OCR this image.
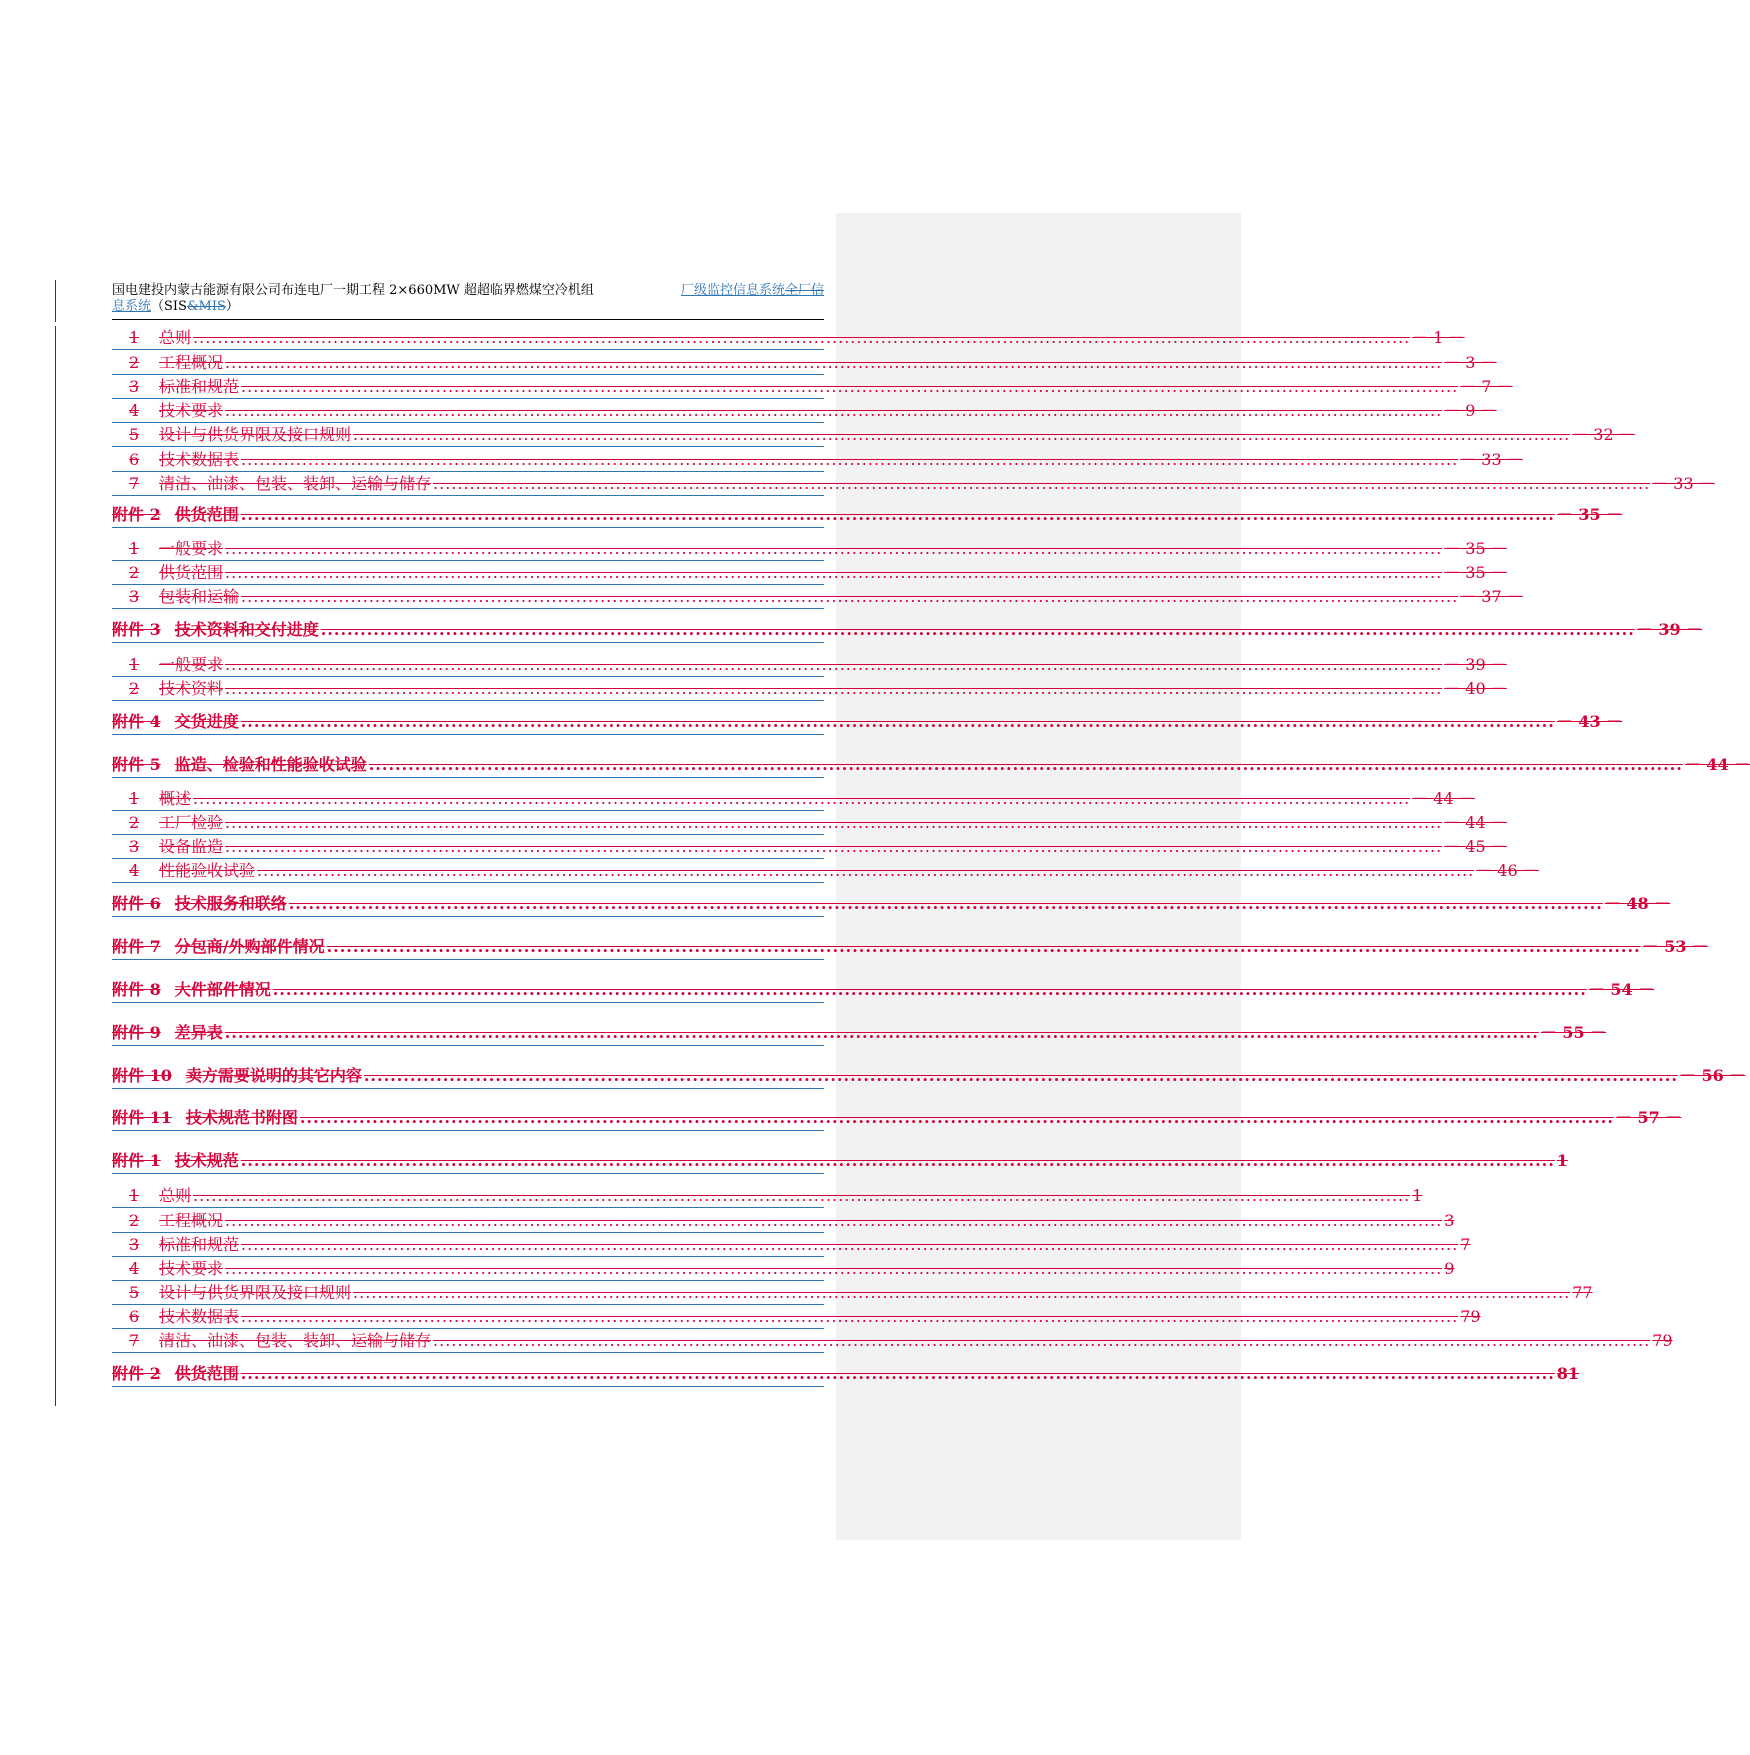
国电建投内蒙古能源有限公司布连电厂一期工程 2×660MW 超超临界燃煤空冷机组
息系统（SIS&MIS）
厂级监控信息系统全厂信
1	总则 ........................................................................................................................................................................................................ － 1 －
2	工程概况 ........................................................................................................................................................................................................ － 3 －
3	标准和规范 ........................................................................................................................................................................................................ － 7 －
4	技术要求 ........................................................................................................................................................................................................ － 9 －
5	设计与供货界限及接口规则 ........................................................................................................................................................................................................ － 32 －
6	技术数据表 ........................................................................................................................................................................................................ － 33 －
7	清洁、油漆、包装、装卸、运输与储存 ........................................................................................................................................................................................................ － 33 －
附件 2 供货范围 ........................................................................................................................................................................................................ － 35 －
1	一般要求 ........................................................................................................................................................................................................ － 35 －
2	供货范围 ........................................................................................................................................................................................................ － 35 －
3	包装和运输 ........................................................................................................................................................................................................ － 37 －
附件 3 技术资料和交付进度 ........................................................................................................................................................................................................ － 39 －
1	一般要求 ........................................................................................................................................................................................................ － 39 －
2	技术资料 ........................................................................................................................................................................................................ － 40 －
附件 4 交货进度 ........................................................................................................................................................................................................ － 43 －
附件 5 监造、检验和性能验收试验 ........................................................................................................................................................................................................ － 44 －
1	概述 ........................................................................................................................................................................................................ － 44 －
2	工厂检验 ........................................................................................................................................................................................................ － 44 －
3	设备监造 ........................................................................................................................................................................................................ － 45 －
4	性能验收试验 ........................................................................................................................................................................................................ － 46 －
附件 6 技术服务和联络 ........................................................................................................................................................................................................ － 48 －
附件 7 分包商/外购部件情况 ........................................................................................................................................................................................................ － 53 －
附件 8 大件部件情况 ........................................................................................................................................................................................................ － 54 －
附件 9 差异表 ........................................................................................................................................................................................................ － 55 －
附件 10 卖方需要说明的其它内容 ........................................................................................................................................................................................................ － 56 －
附件 11 技术规范书附图 ........................................................................................................................................................................................................ － 57 －
附件 1 技术规范 ........................................................................................................................................................................................................ 1
1	总则 ........................................................................................................................................................................................................ 1
2	工程概况 ........................................................................................................................................................................................................ 3
3	标准和规范 ........................................................................................................................................................................................................ 7
4	技术要求 ........................................................................................................................................................................................................ 9
5	设计与供货界限及接口规则 ........................................................................................................................................................................................................ 77
6	技术数据表 ........................................................................................................................................................................................................ 79
7	清洁、油漆、包装、装卸、运输与储存 ........................................................................................................................................................................................................ 79
附件 2 供货范围 ........................................................................................................................................................................................................ 81
